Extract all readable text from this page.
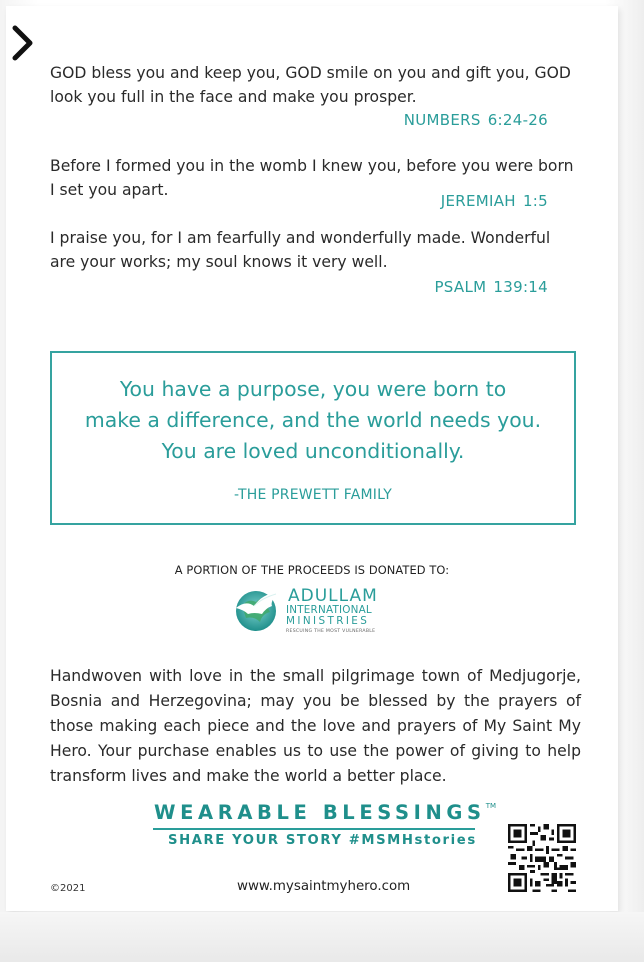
GOD bless you and keep you, GOD smile on you and gift you, GOD look you full in the face and make you prosper.
NUMBERS 6:24-26
Before I formed you in the womb I knew you, before you were born I set you apart.
JEREMIAH 1:5
I praise you, for I am fearfully and wonderfully made. Wonderful are your works; my soul knows it very well.
PSALM 139:14
You have a purpose, you were born to
make a difference, and the world needs you.
You are loved unconditionally.
-THE PREWETT FAMILY
A PORTION OF THE PROCEEDS IS DONATED TO:
ADULLAM
INTERNATIONAL
MINISTRIES
RESCUING THE MOST VULNERABLE
Handwoven with love in the small pilgrimage town of Medjugorje, Bosnia and Herzegovina; may you be blessed by the prayers of those making each piece and the love and prayers of My Saint My Hero. Your purchase enables us to use the power of giving to help transform lives and make the world a better place.
WEARABLE BLESSINGS™
SHARE YOUR STORY #MSMHstories
©2021	www.mysaintmyhero.com
